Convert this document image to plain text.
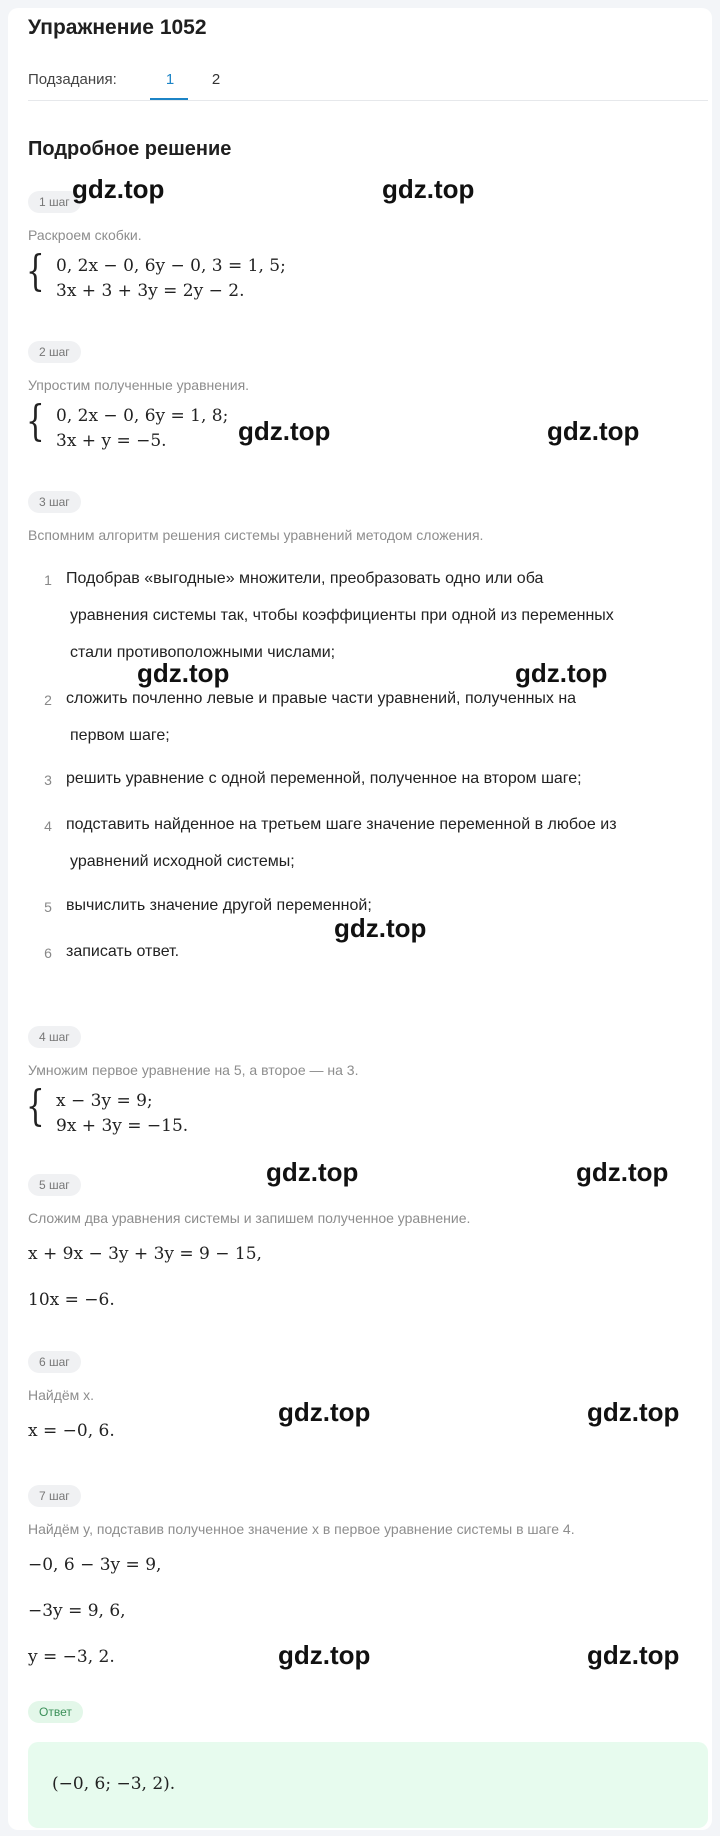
Упражнение 1052
Подзадания:	1	2
Подробное решение
1 шаг
Раскроем скобки.
{ 0, 2x − 0, 6y − 0, 3 = 1, 5;
3x + 3 + 3y = 2y − 2.
2 шаг
Упростим полученные уравнения.
{ 0, 2x − 0, 6y = 1, 8;
3x + y = −5.
3 шаг
Вспомним алгоритм решения системы уравнений методом сложения.
1 Подобрав «выгодные» множители, преобразовать одно или оба
уравнения системы так, чтобы коэффициенты при одной из переменных
стали противоположными числами;
2 сложить почленно левые и правые части уравнений, полученных на
первом шаге;
3 решить уравнение с одной переменной, полученное на втором шаге;
4 подставить найденное на третьем шаге значение переменной в любое из
уравнений исходной системы;
5 вычислить значение другой переменной;
6 записать ответ.
4 шаг
Умножим первое уравнение на 5, а второе — на 3.
{ x − 3y = 9;
9x + 3y = −15.
5 шаг
Сложим два уравнения системы и запишем полученное уравнение.
x + 9x − 3y + 3y = 9 − 15,
10x = −6.
6 шаг
Найдём x.
x = −0, 6.
7 шаг
Найдём y, подставив полученное значение x в первое уравнение системы в шаге 4.
−0, 6 − 3y = 9,
−3y = 9, 6,
y = −3, 2.
Ответ
(−0, 6; −3, 2).
gdz.top	gdz.top
gdz.top	gdz.top
gdz.top	gdz.top
gdz.top
gdz.top	gdz.top
gdz.top	gdz.top
gdz.top	gdz.top
